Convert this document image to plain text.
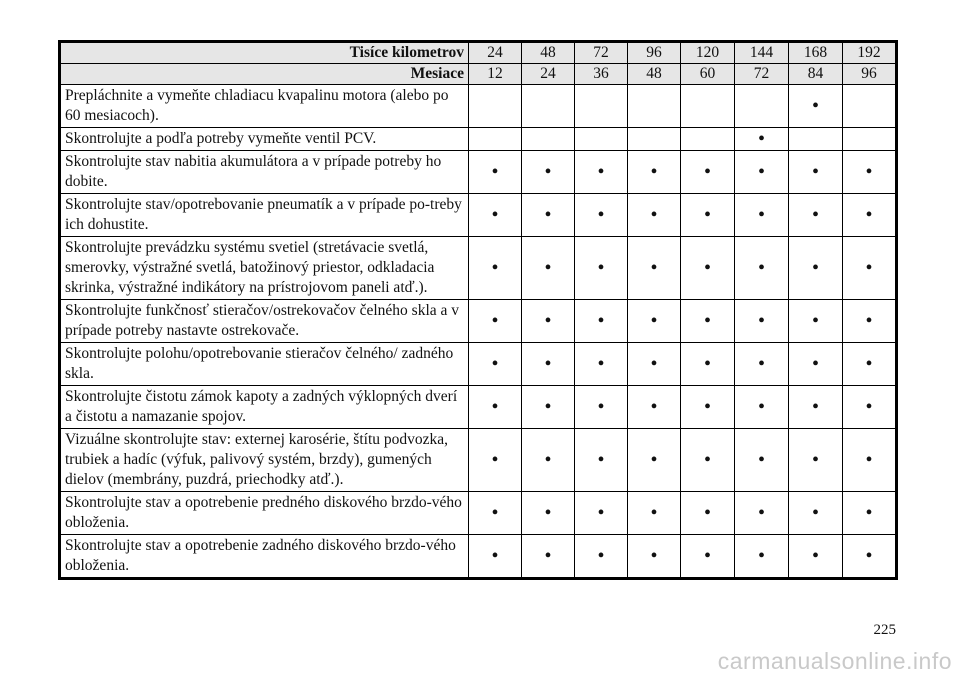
Tisíce kilometrov	24	48	72	96	120	144	168	192
Mesiace	12	24	36	48	60	72	84	96
Prepláchnite a vymeňte chladiacu kvapalinu motora (alebo po 60 mesiacoch).							•	
Skontrolujte a podľa potreby vymeňte ventil PCV.						•		
Skontrolujte stav nabitia akumulátora a v prípade potreby ho dobite.	•	•	•	•	•	•	•	•
Skontrolujte stav/opotrebovanie pneumatík a v prípade po-treby ich dohustite.	•	•	•	•	•	•	•	•
Skontrolujte prevádzku systému svetiel (stretávacie svetlá, smerovky, výstražné svetlá, batožinový priestor, odkladacia skrinka, výstražné indikátory na prístrojovom paneli atď.).	•	•	•	•	•	•	•	•
Skontrolujte funkčnosť stieračov/ostrekovačov čelného skla a v prípade potreby nastavte ostrekovače.	•	•	•	•	•	•	•	•
Skontrolujte polohu/opotrebovanie stieračov čelného/ zadného skla.	•	•	•	•	•	•	•	•
Skontrolujte čistotu zámok kapoty a zadných výklopných dverí a čistotu a namazanie spojov.	•	•	•	•	•	•	•	•
Vizuálne skontrolujte stav: externej karosérie, štítu podvozka, trubiek a hadíc (výfuk, palivový systém, brzdy), gumených dielov (membrány, puzdrá, priechodky atď.).	•	•	•	•	•	•	•	•
Skontrolujte stav a opotrebenie predného diskového brzdo-vého obloženia.	•	•	•	•	•	•	•	•
Skontrolujte stav a opotrebenie zadného diskového brzdo-vého obloženia.	•	•	•	•	•	•	•	•
225
carmanualsonline.info
